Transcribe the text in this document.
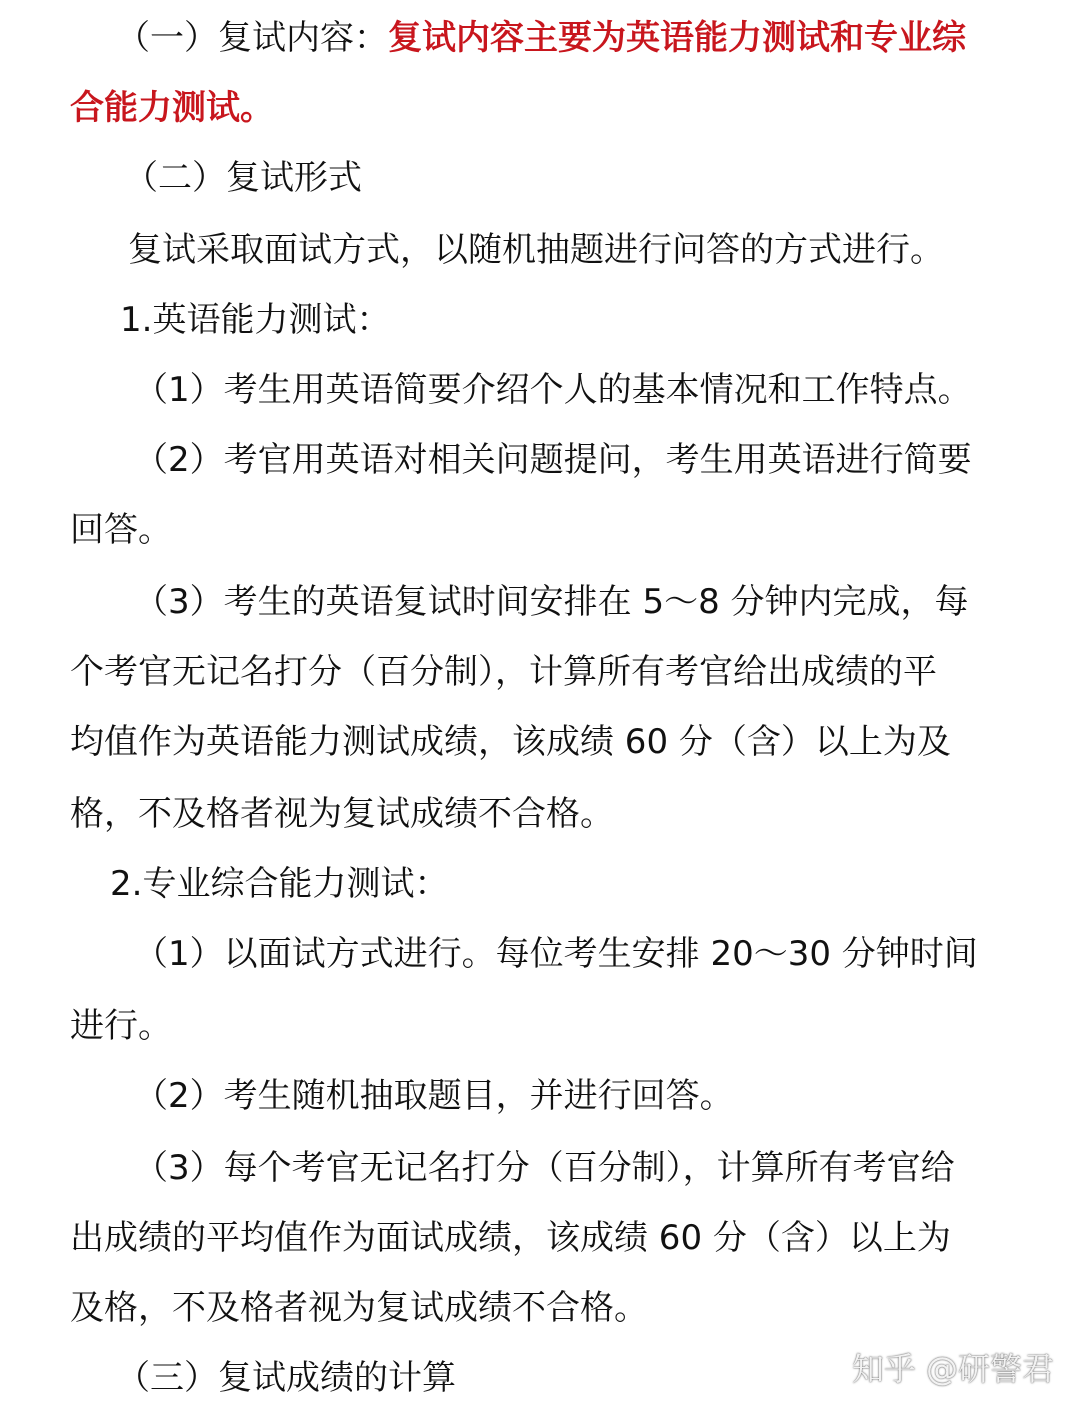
（一）复试内容：复试内容主要为英语能力测试和专业综
合能力测试。
（二）复试形式
复试采取面试方式，以随机抽题进行问答的方式进行。
1.英语能力测试：
（1）考生用英语简要介绍个人的基本情况和工作特点。
（2）考官用英语对相关问题提问，考生用英语进行简要
回答。
（3）考生的英语复试时间安排在 5～8 分钟内完成，每
个考官无记名打分（百分制），计算所有考官给出成绩的平
均值作为英语能力测试成绩，该成绩 60 分（含）以上为及
格，不及格者视为复试成绩不合格。
2.专业综合能力测试：
（1）以面试方式进行。每位考生安排 20～30 分钟时间
进行。
（2）考生随机抽取题目，并进行回答。
（3）每个考官无记名打分（百分制），计算所有考官给
出成绩的平均值作为面试成绩，该成绩 60 分（含）以上为
及格，不及格者视为复试成绩不合格。
（三）复试成绩的计算	知乎 @研警君
